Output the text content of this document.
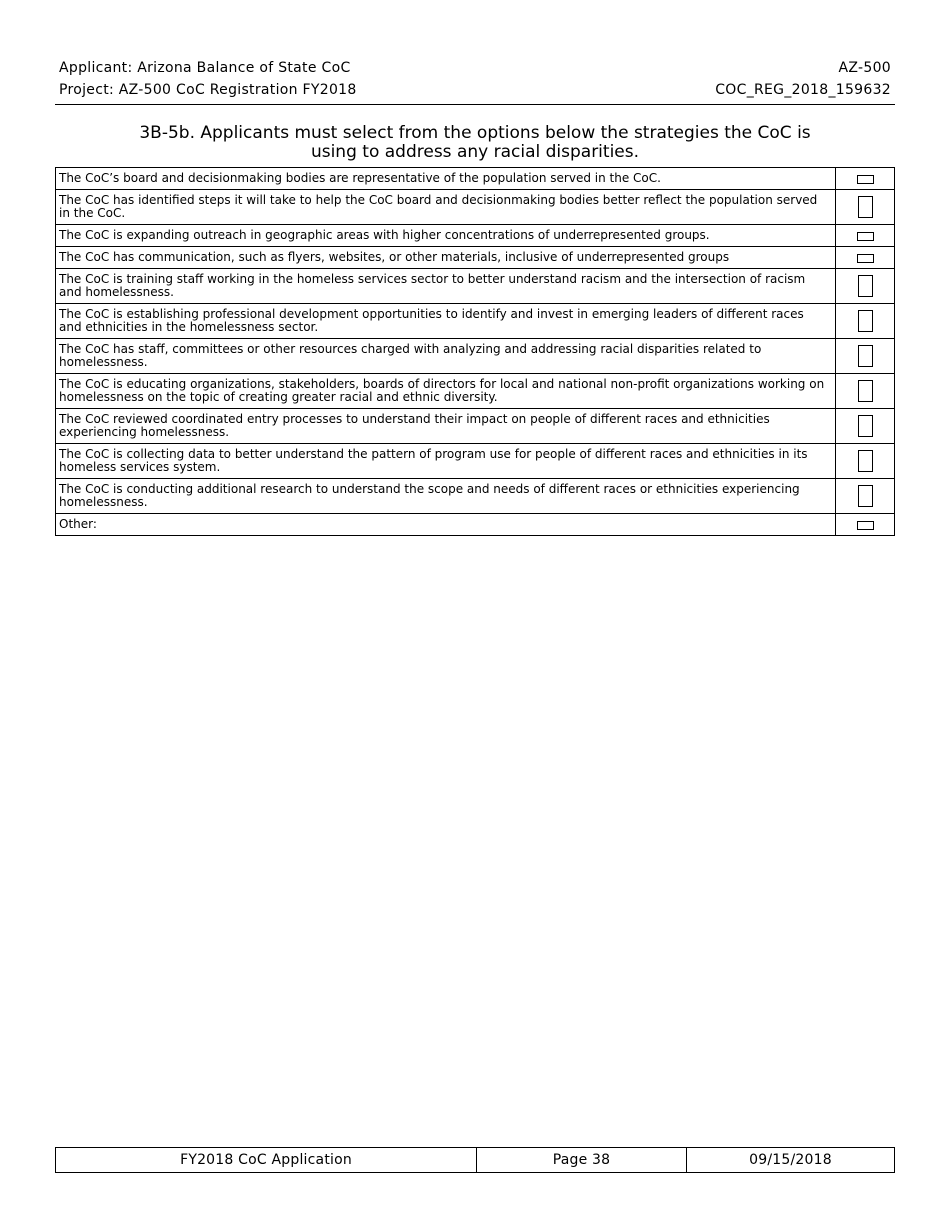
Applicant: Arizona Balance of State CoC	AZ-500
Project: AZ-500 CoC Registration FY2018	COC_REG_2018_159632
3B-5b. Applicants must select from the options below the strategies the CoC is using to address any racial disparities.
The CoC’s board and decisionmaking bodies are representative of the population served in the CoC.	
The CoC has identified steps it will take to help the CoC board and decisionmaking bodies better reflect the population served in the CoC.	
The CoC is expanding outreach in geographic areas with higher concentrations of underrepresented groups.	
The CoC has communication, such as flyers, websites, or other materials, inclusive of underrepresented groups	
The CoC is training staff working in the homeless services sector to better understand racism and the intersection of racism and homelessness.	
The CoC is establishing professional development opportunities to identify and invest in emerging leaders of different races and ethnicities in the homelessness sector.	
The CoC has staff, committees or other resources charged with analyzing and addressing racial disparities related to homelessness.	
The CoC is educating organizations, stakeholders, boards of directors for local and national non-profit organizations working on homelessness on the topic of creating greater racial and ethnic diversity.	
The CoC reviewed coordinated entry processes to understand their impact on people of different races and ethnicities experiencing homelessness.	
The CoC is collecting data to better understand the pattern of program use for people of different races and ethnicities in its homeless services system.	
The CoC is conducting additional research to understand the scope and needs of different races or ethnicities experiencing homelessness.	
Other:	
FY2018 CoC Application	Page 38	09/15/2018
